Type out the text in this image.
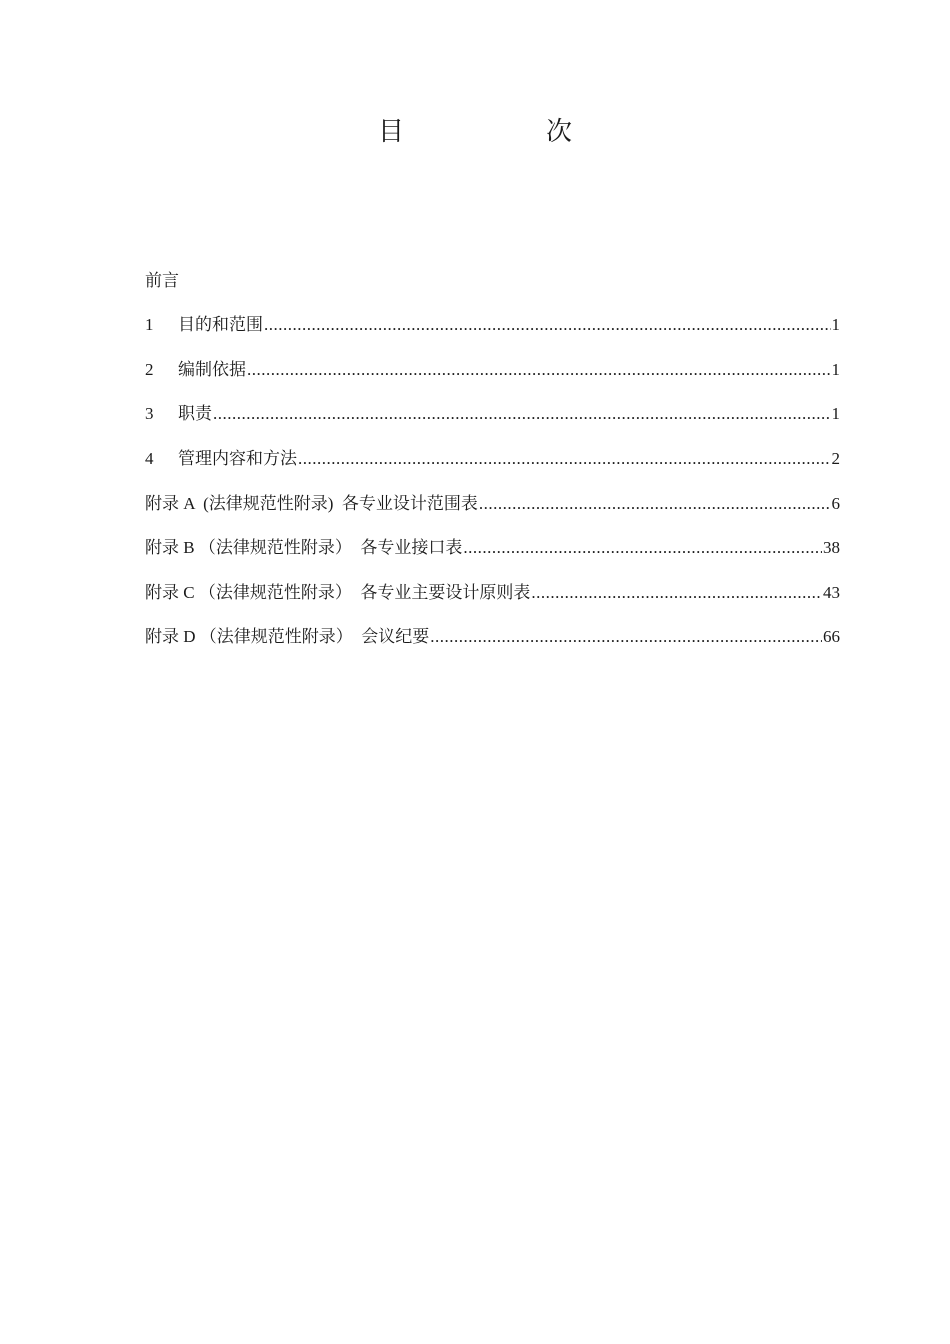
目　次
前言
1	目的和范围 .....	1
2	编制依据 .....	1
3	职责 .....	1
4	管理内容和方法 .....	2
附录 A  (法律规范性附录)  各专业设计范围表 .....	6
附录 B （法律规范性附录）  各专业接口表 .....	38
附录 C （法律规范性附录）  各专业主要设计原则表 .....	43
附录 D （法律规范性附录）  会议纪要 .....	66
